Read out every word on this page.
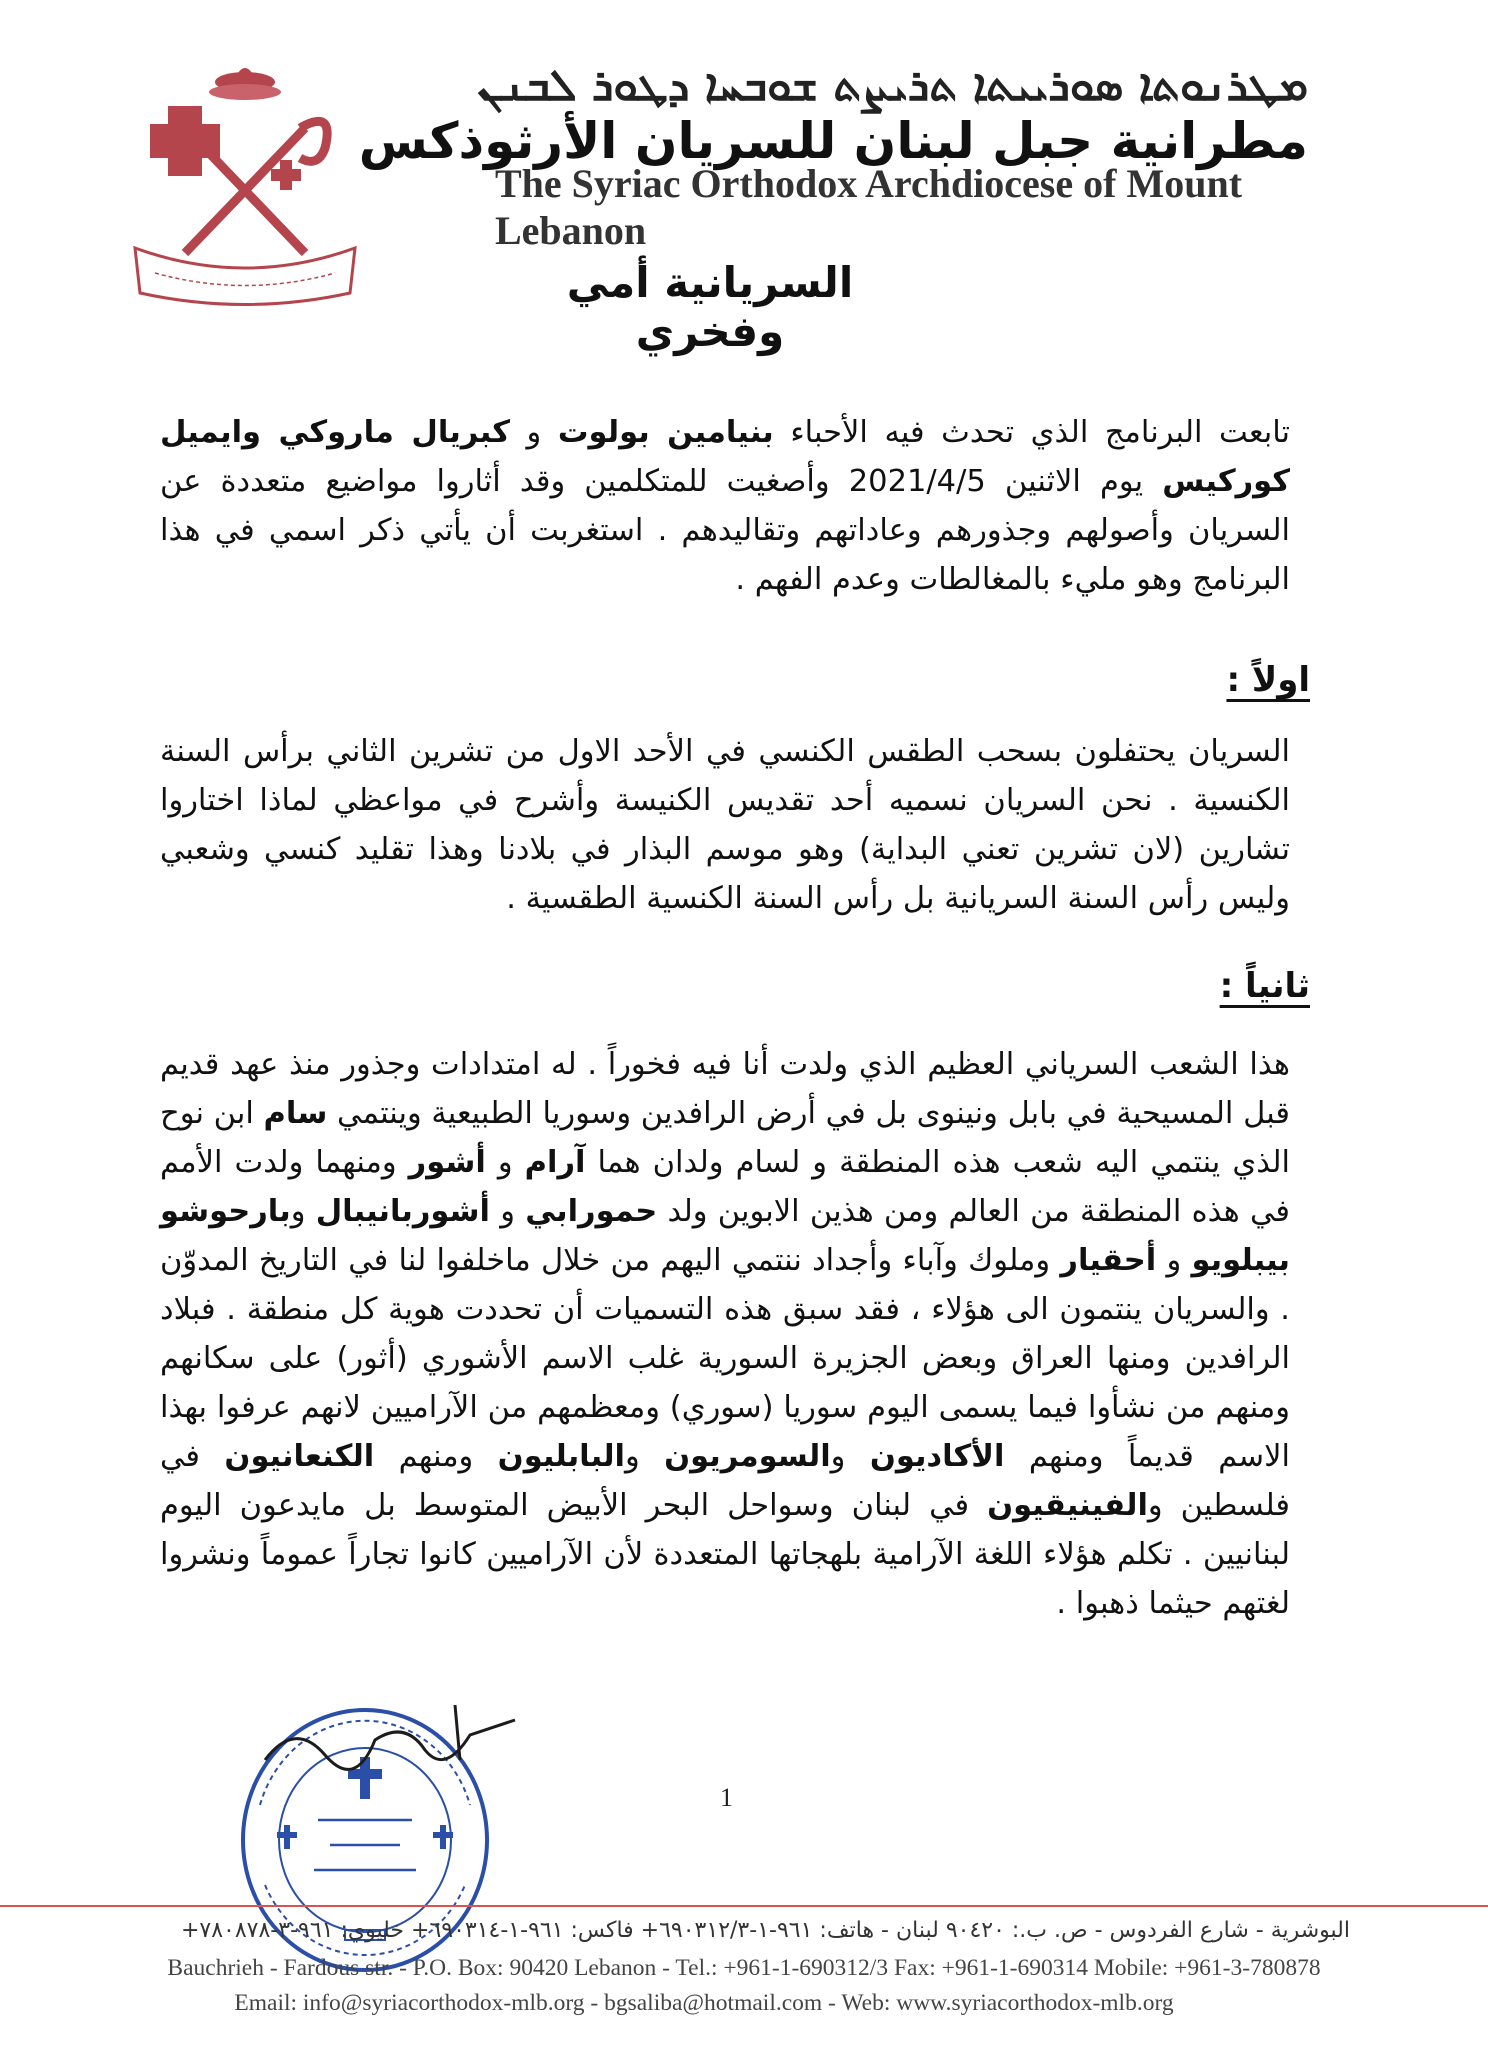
ܡܛܪܢܘܬܐ ܣܘܪܝܝܬܐ ܬܪܝܨܬ ܫܘܒܚܐ ܕܛܘܪ ܠܒܢܢ
مطرانية جبل لبنان للسريان الأرثوذكس
The Syriac Orthodox Archdiocese of Mount Lebanon
السريانية أمي وفخري

تابعت البرنامج الذي تحدث فيه الأحباء بنيامين بولوت و كبريال ماروكي وايميل كوركيس يوم الاثنين 2021/4/5 وأصغيت للمتكلمين وقد أثاروا مواضيع متعددة عن السريان وأصولهم وجذورهم وعاداتهم وتقاليدهم . استغربت أن يأتي ذكر اسمي في هذا البرنامج وهو مليء بالمغالطات وعدم الفهم .

اولاً :

السريان يحتفلون بسحب الطقس الكنسي في الأحد الاول من تشرين الثاني برأس السنة الكنسية . نحن السريان نسميه أحد تقديس الكنيسة وأشرح في مواعظي لماذا اختاروا تشارين (لان تشرين تعني البداية) وهو موسم البذار في بلادنا وهذا تقليد كنسي وشعبي وليس رأس السنة السريانية بل رأس السنة الكنسية الطقسية .

ثانياً :

هذا الشعب السرياني العظيم الذي ولدت أنا فيه فخوراً . له امتدادات وجذور منذ عهد قديم قبل المسيحية في بابل ونينوى بل في أرض الرافدين وسوريا الطبيعية وينتمي سام ابن نوح الذي ينتمي اليه شعب هذه المنطقة و لسام ولدان هما آرام و أشور ومنهما ولدت الأمم في هذه المنطقة من العالم ومن هذين الابوين ولد حمورابي و أشوربانيبال وبارحوشو بيبلويو و أحقيار وملوك وآباء وأجداد ننتمي اليهم من خلال ماخلفوا لنا في التاريخ المدوّن . والسريان ينتمون الى هؤلاء ، فقد سبق هذه التسميات أن تحددت هوية كل منطقة . فبلاد الرافدين ومنها العراق وبعض الجزيرة السورية غلب الاسم الأشوري (أثور) على سكانهم ومنهم من نشأوا فيما يسمى اليوم سوريا (سوري) ومعظمهم من الآراميين لانهم عرفوا بهذا الاسم قديماً ومنهم الأكاديون والسومريون والبابليون ومنهم الكنعانيون في فلسطين والفينيقيون في لبنان وسواحل البحر الأبيض المتوسط بل مايدعون اليوم لبنانيين . تكلم هؤلاء اللغة الآرامية بلهجاتها المتعددة لأن الآراميين كانوا تجاراً عموماً ونشروا لغتهم حيثما ذهبوا .

1
البوشرية - شارع الفردوس - ص. ب.: ٩٠٤٢٠ لبنان - هاتف: ٩٦١-١-٦٩٠٣١٢/٣+ فاكس: ٩٦١-١-٦٩٠٣١٤+ خليوي: ٩٦١-٣-٧٨٠٨٧٨+
Bauchrieh - Fardous str. - P.O. Box: 90420 Lebanon - Tel.: +961-1-690312/3 Fax: +961-1-690314 Mobile: +961-3-780878
Email: info@syriacorthodox-mlb.org - bgsaliba@hotmail.com - Web: www.syriacorthodox-mlb.org
